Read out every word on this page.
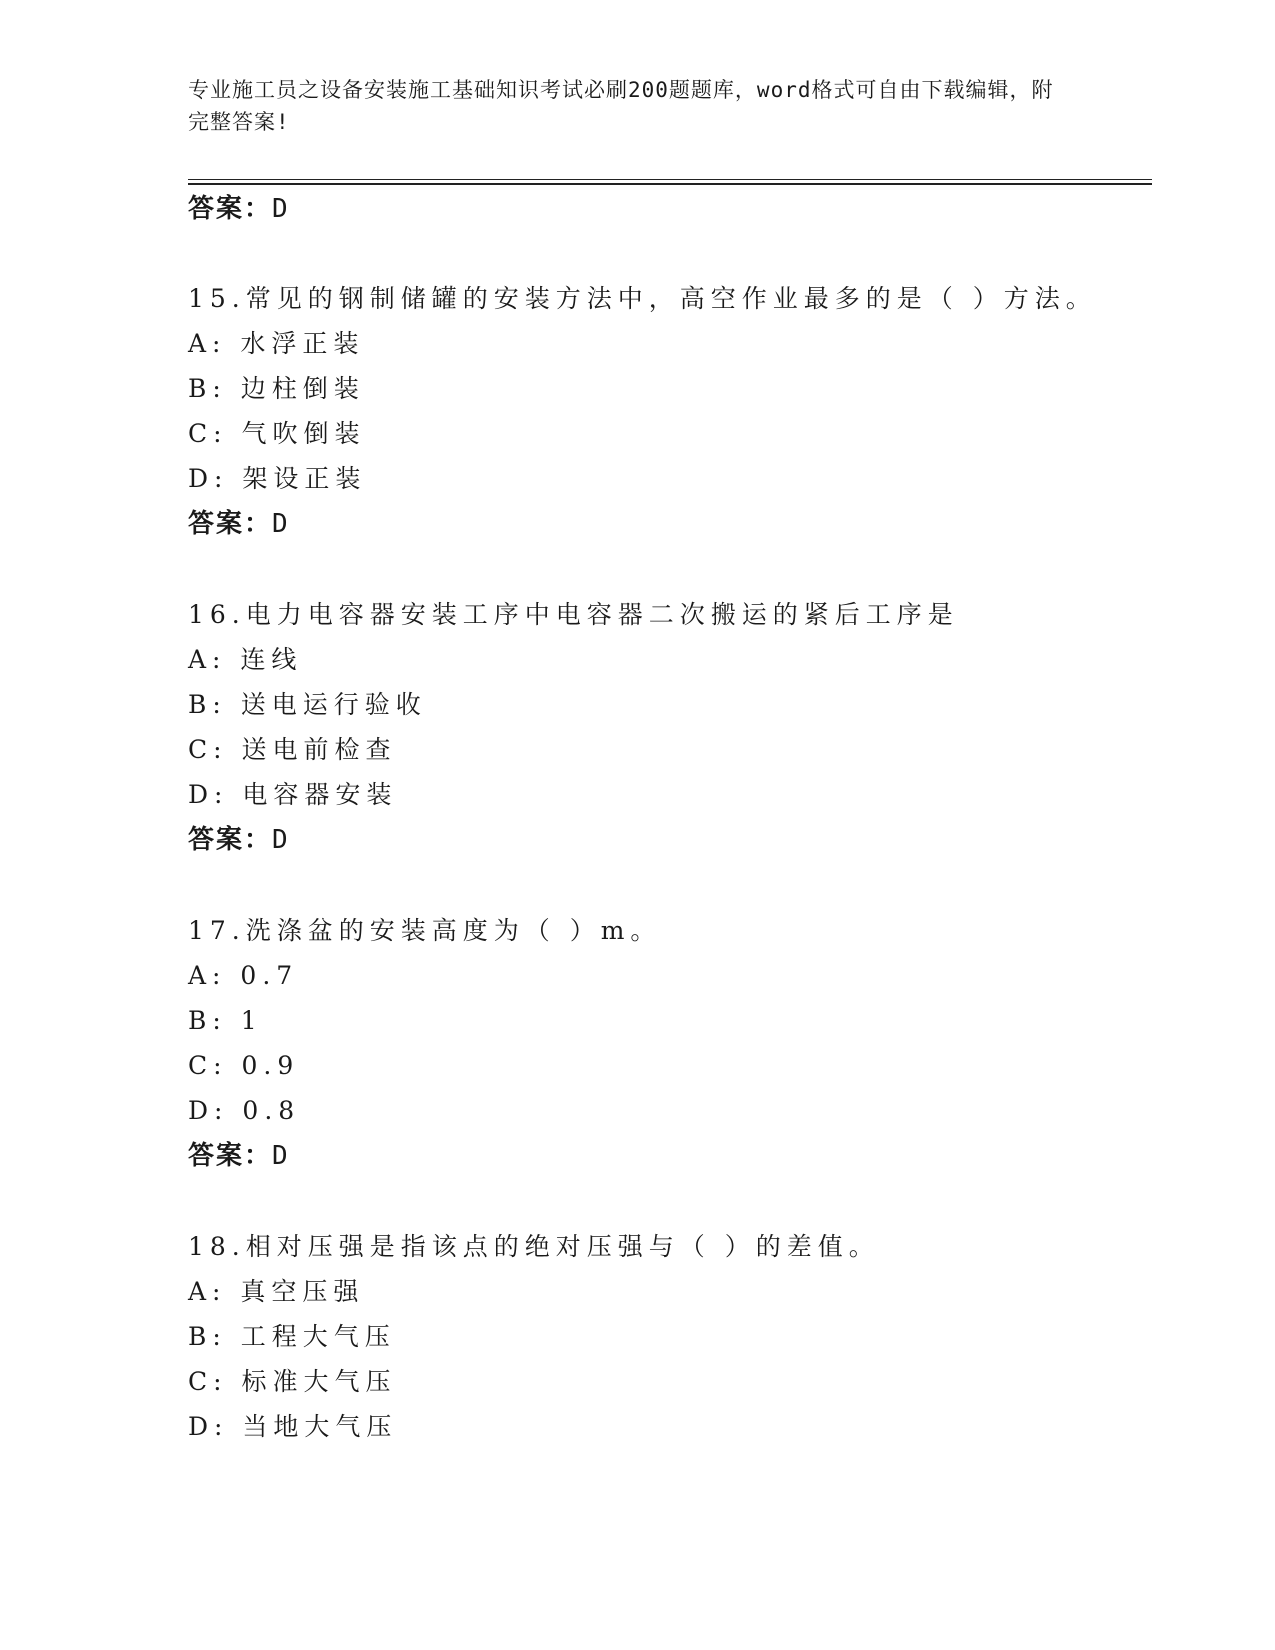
专业施工员之设备安装施工基础知识考试必刷200题题库，word格式可自由下载编辑，附完整答案!
答案：D
15.常见的钢制储罐的安装方法中，高空作业最多的是（ ）方法。
A: 水浮正装
B: 边柱倒装
C: 气吹倒装
D: 架设正装
答案：D
16.电力电容器安装工序中电容器二次搬运的紧后工序是
A: 连线
B: 送电运行验收
C: 送电前检查
D: 电容器安装
答案：D
17.洗涤盆的安装高度为（ ）m。
A: 0.7
B: 1
C: 0.9
D: 0.8
答案：D
18.相对压强是指该点的绝对压强与（ ）的差值。
A: 真空压强
B: 工程大气压
C: 标准大气压
D: 当地大气压
